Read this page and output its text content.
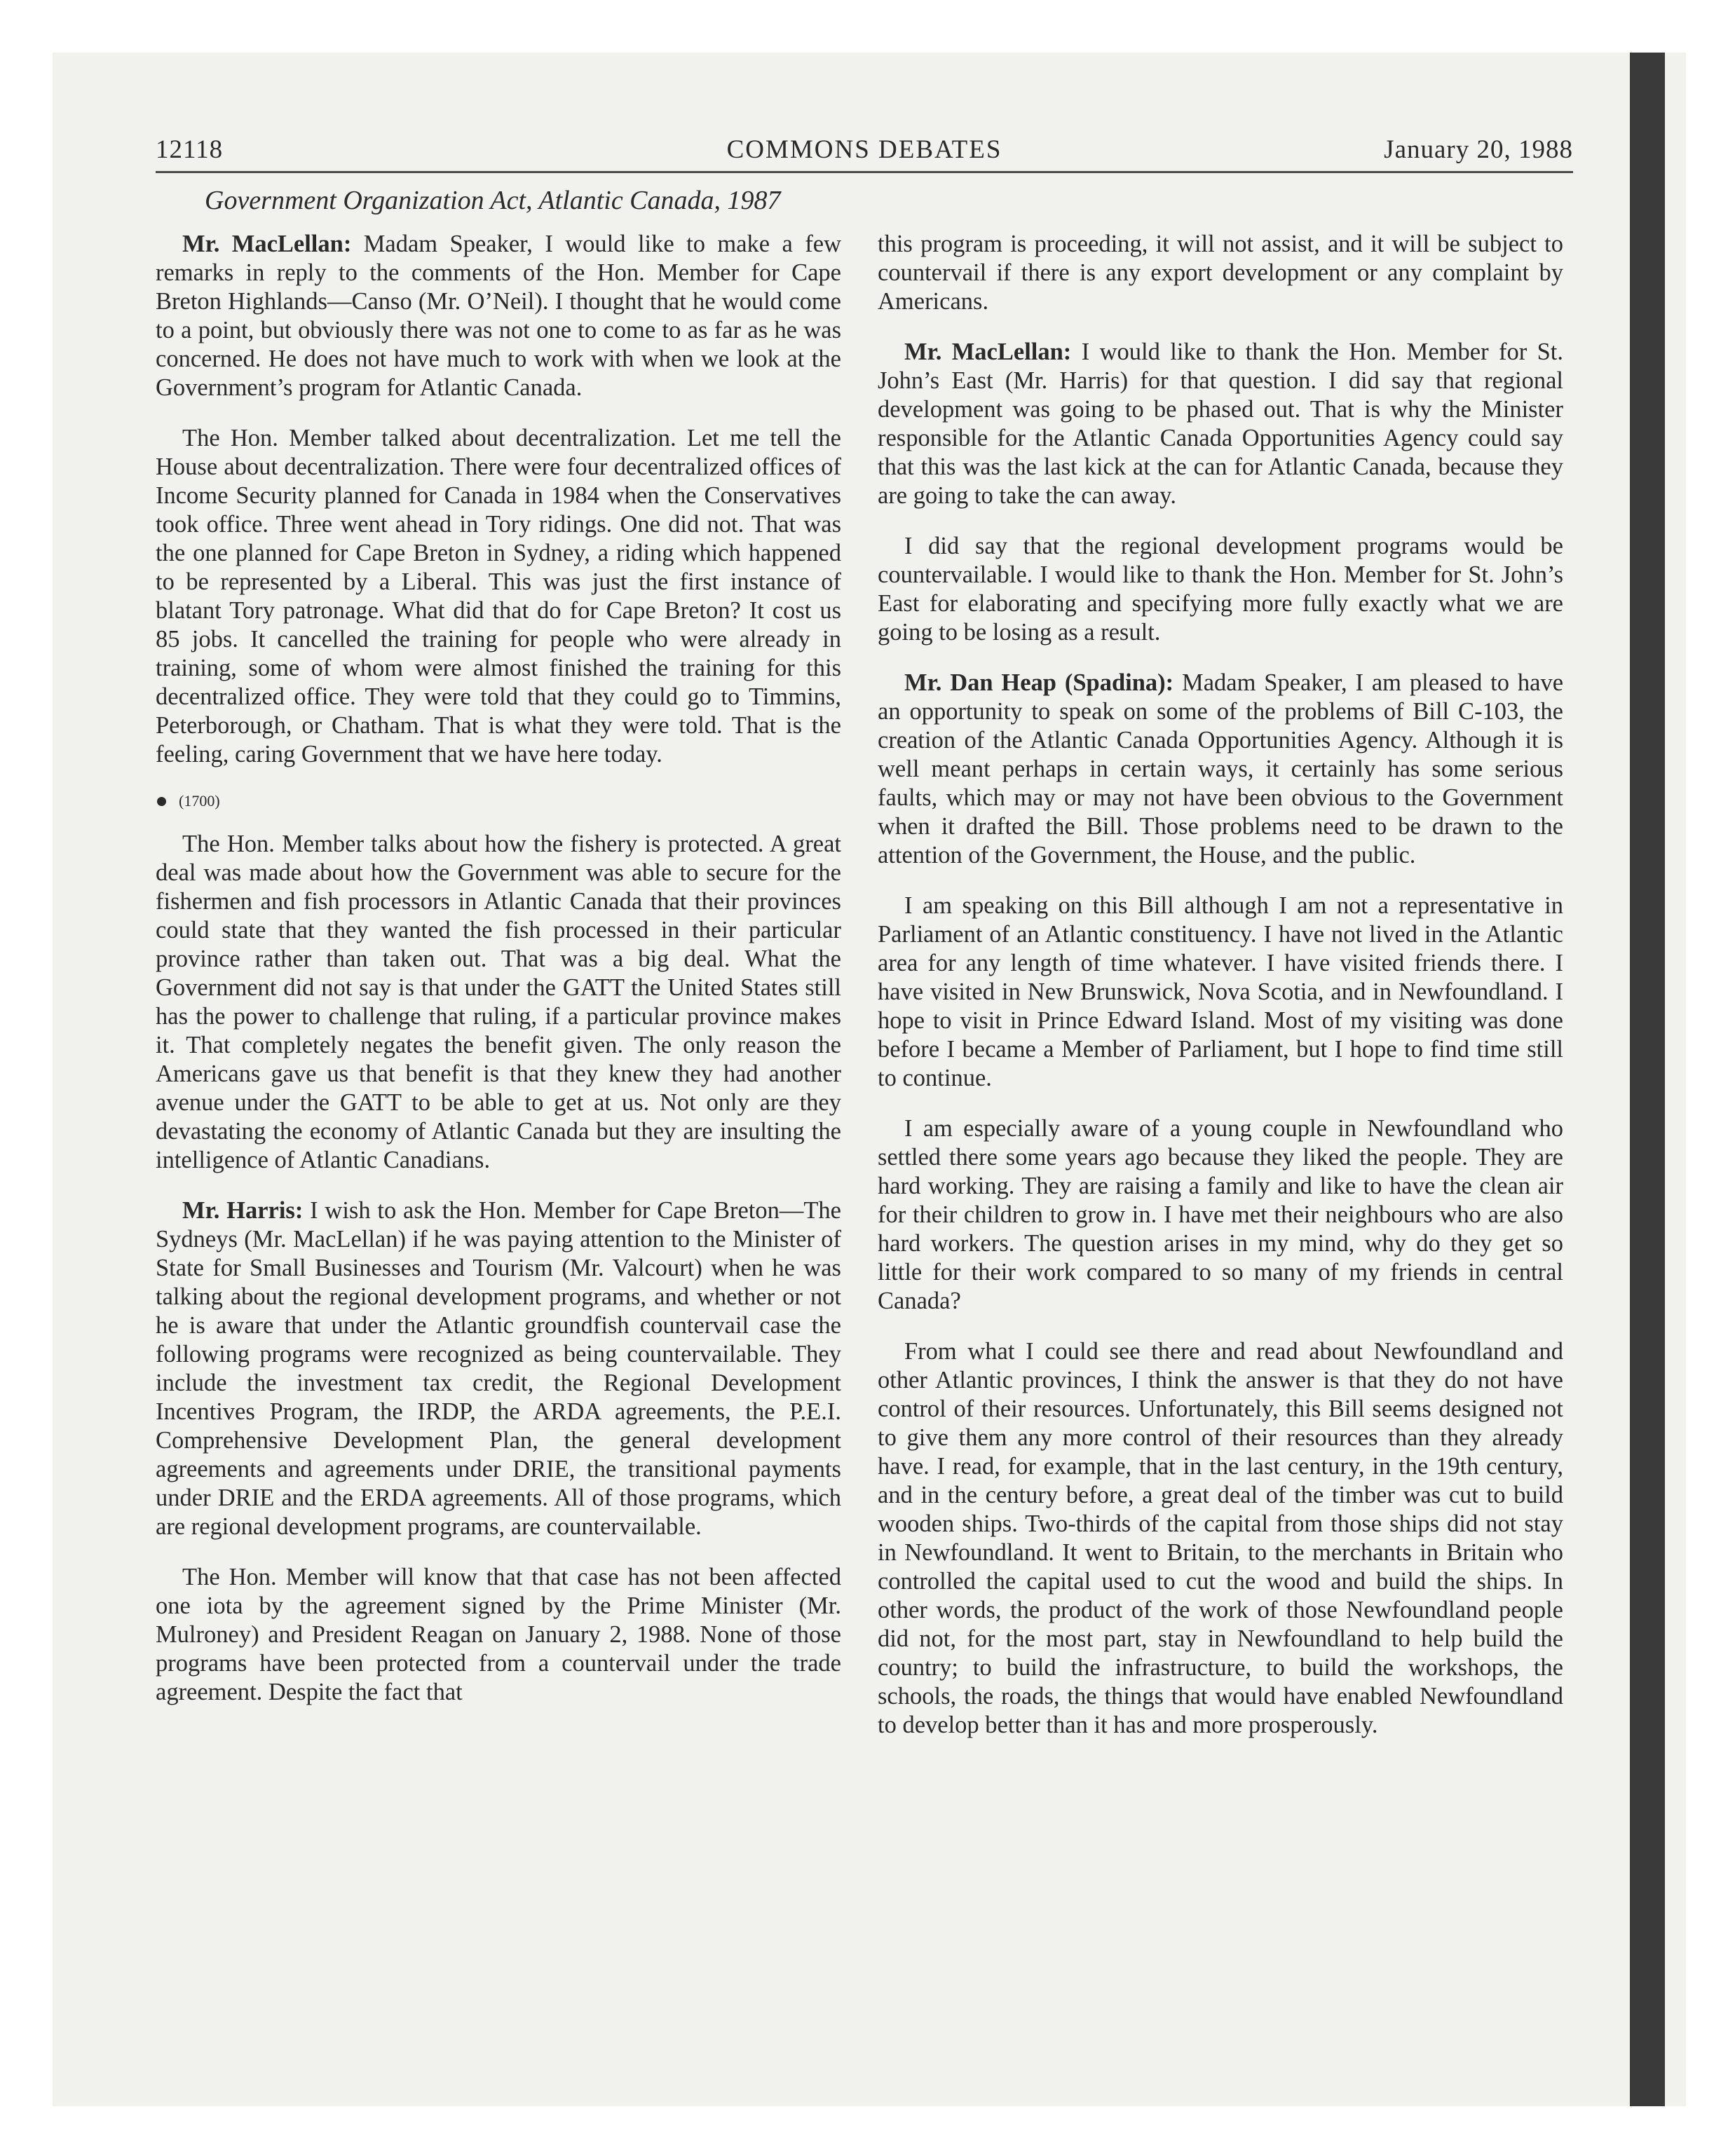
12118	COMMONS DEBATES	January 20, 1988
Government Organization Act, Atlantic Canada, 1987

Mr. MacLellan: Madam Speaker, I would like to make a few remarks in reply to the comments of the Hon. Member for Cape Breton Highlands—Canso (Mr. O’Neil). I thought that he would come to a point, but obviously there was not one to come to as far as he was concerned. He does not have much to work with when we look at the Government’s program for Atlantic Canada.

The Hon. Member talked about decentralization. Let me tell the House about decentralization. There were four decentralized offices of Income Security planned for Canada in 1984 when the Conservatives took office. Three went ahead in Tory ridings. One did not. That was the one planned for Cape Breton in Sydney, a riding which happened to be represented by a Liberal. This was just the first instance of blatant Tory patronage. What did that do for Cape Breton? It cost us 85 jobs. It cancelled the training for people who were already in training, some of whom were almost finished the training for this decentralized office. They were told that they could go to Timmins, Peterborough, or Chatham. That is what they were told. That is the feeling, caring Government that we have here today.

(1700)

The Hon. Member talks about how the fishery is protected. A great deal was made about how the Government was able to secure for the fishermen and fish processors in Atlantic Canada that their provinces could state that they wanted the fish processed in their particular province rather than taken out. That was a big deal. What the Government did not say is that under the GATT the United States still has the power to challenge that ruling, if a particular province makes it. That completely negates the benefit given. The only reason the Americans gave us that benefit is that they knew they had another avenue under the GATT to be able to get at us. Not only are they devastating the economy of Atlantic Canada but they are insulting the intelligence of Atlantic Canadians.

Mr. Harris: I wish to ask the Hon. Member for Cape Breton—The Sydneys (Mr. MacLellan) if he was paying attention to the Minister of State for Small Businesses and Tourism (Mr. Valcourt) when he was talking about the regional development programs, and whether or not he is aware that under the Atlantic groundfish countervail case the following programs were recognized as being countervailable. They include the investment tax credit, the Regional Development Incentives Program, the IRDP, the ARDA agreements, the P.E.I. Comprehensive Development Plan, the general development agreements and agreements under DRIE, the transitional payments under DRIE and the ERDA agreements. All of those programs, which are regional development programs, are countervailable.

The Hon. Member will know that that case has not been affected one iota by the agreement signed by the Prime Minister (Mr. Mulroney) and President Reagan on January 2, 1988. None of those programs have been protected from a countervail under the trade agreement. Despite the fact that

this program is proceeding, it will not assist, and it will be subject to countervail if there is any export development or any complaint by Americans.

Mr. MacLellan: I would like to thank the Hon. Member for St. John’s East (Mr. Harris) for that question. I did say that regional development was going to be phased out. That is why the Minister responsible for the Atlantic Canada Opportunities Agency could say that this was the last kick at the can for Atlantic Canada, because they are going to take the can away.

I did say that the regional development programs would be countervailable. I would like to thank the Hon. Member for St. John’s East for elaborating and specifying more fully exactly what we are going to be losing as a result.

Mr. Dan Heap (Spadina): Madam Speaker, I am pleased to have an opportunity to speak on some of the problems of Bill C-103, the creation of the Atlantic Canada Opportunities Agency. Although it is well meant perhaps in certain ways, it certainly has some serious faults, which may or may not have been obvious to the Government when it drafted the Bill. Those problems need to be drawn to the attention of the Government, the House, and the public.

I am speaking on this Bill although I am not a representative in Parliament of an Atlantic constituency. I have not lived in the Atlantic area for any length of time whatever. I have visited friends there. I have visited in New Brunswick, Nova Scotia, and in Newfoundland. I hope to visit in Prince Edward Island. Most of my visiting was done before I became a Member of Parliament, but I hope to find time still to continue.

I am especially aware of a young couple in Newfoundland who settled there some years ago because they liked the people. They are hard working. They are raising a family and like to have the clean air for their children to grow in. I have met their neighbours who are also hard workers. The question arises in my mind, why do they get so little for their work compared to so many of my friends in central Canada?

From what I could see there and read about Newfoundland and other Atlantic provinces, I think the answer is that they do not have control of their resources. Unfortunately, this Bill seems designed not to give them any more control of their resources than they already have. I read, for example, that in the last century, in the 19th century, and in the century before, a great deal of the timber was cut to build wooden ships. Two-thirds of the capital from those ships did not stay in Newfoundland. It went to Britain, to the merchants in Britain who controlled the capital used to cut the wood and build the ships. In other words, the product of the work of those Newfoundland people did not, for the most part, stay in Newfoundland to help build the country; to build the infrastructure, to build the workshops, the schools, the roads, the things that would have enabled Newfoundland to develop better than it has and more prosperously.
